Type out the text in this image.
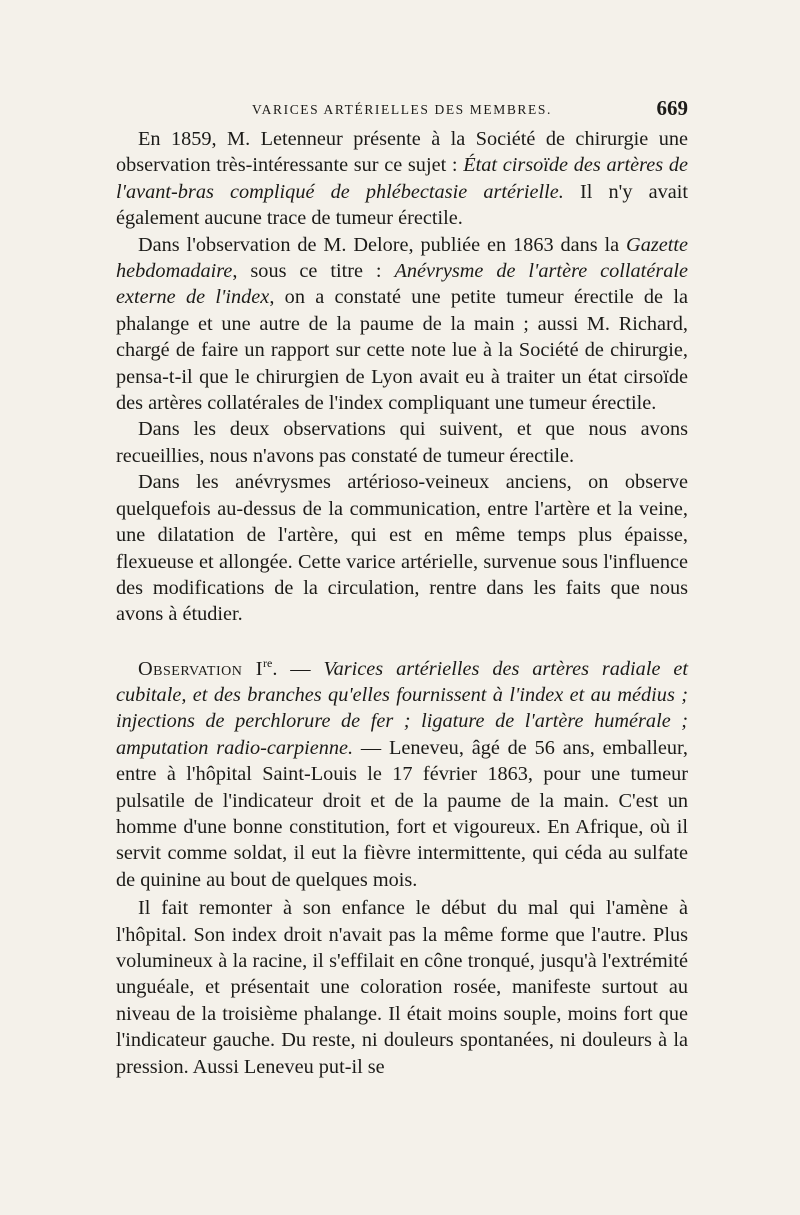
VARICES ARTÉRIELLES DES MEMBRES.	669

En 1859, M. Letenneur présente à la Société de chirurgie une observation très-intéressante sur ce sujet : État cirsoïde des artères de l'avant-bras compliqué de phlébectasie artérielle. Il n'y avait également aucune trace de tumeur érectile.

Dans l'observation de M. Delore, publiée en 1863 dans la Gazette hebdomadaire, sous ce titre : Anévrysme de l'artère collatérale externe de l'index, on a constaté une petite tumeur érectile de la phalange et une autre de la paume de la main ; aussi M. Richard, chargé de faire un rapport sur cette note lue à la Société de chirurgie, pensa-t-il que le chirurgien de Lyon avait eu à traiter un état cirsoïde des artères collatérales de l'index compliquant une tumeur érectile.

Dans les deux observations qui suivent, et que nous avons recueillies, nous n'avons pas constaté de tumeur érectile.

Dans les anévrysmes artérioso-veineux anciens, on observe quelquefois au-dessus de la communication, entre l'artère et la veine, une dilatation de l'artère, qui est en même temps plus épaisse, flexueuse et allongée. Cette varice artérielle, survenue sous l'influence des modifications de la circulation, rentre dans les faits que nous avons à étudier.

Observation Ire. — Varices artérielles des artères radiale et cubitale, et des branches qu'elles fournissent à l'index et au médius ; injections de perchlorure de fer ; ligature de l'artère humérale ; amputation radio-carpienne. — Leneveu, âgé de 56 ans, emballeur, entre à l'hôpital Saint-Louis le 17 février 1863, pour une tumeur pulsatile de l'indicateur droit et de la paume de la main. C'est un homme d'une bonne constitution, fort et vigoureux. En Afrique, où il servit comme soldat, il eut la fièvre intermittente, qui céda au sulfate de quinine au bout de quelques mois.

Il fait remonter à son enfance le début du mal qui l'amène à l'hôpital. Son index droit n'avait pas la même forme que l'autre. Plus volumineux à la racine, il s'effilait en cône tronqué, jusqu'à l'extrémité unguéale, et présentait une coloration rosée, manifeste surtout au niveau de la troisième phalange. Il était moins souple, moins fort que l'indicateur gauche. Du reste, ni douleurs spontanées, ni douleurs à la pression. Aussi Leneveu put-il se
